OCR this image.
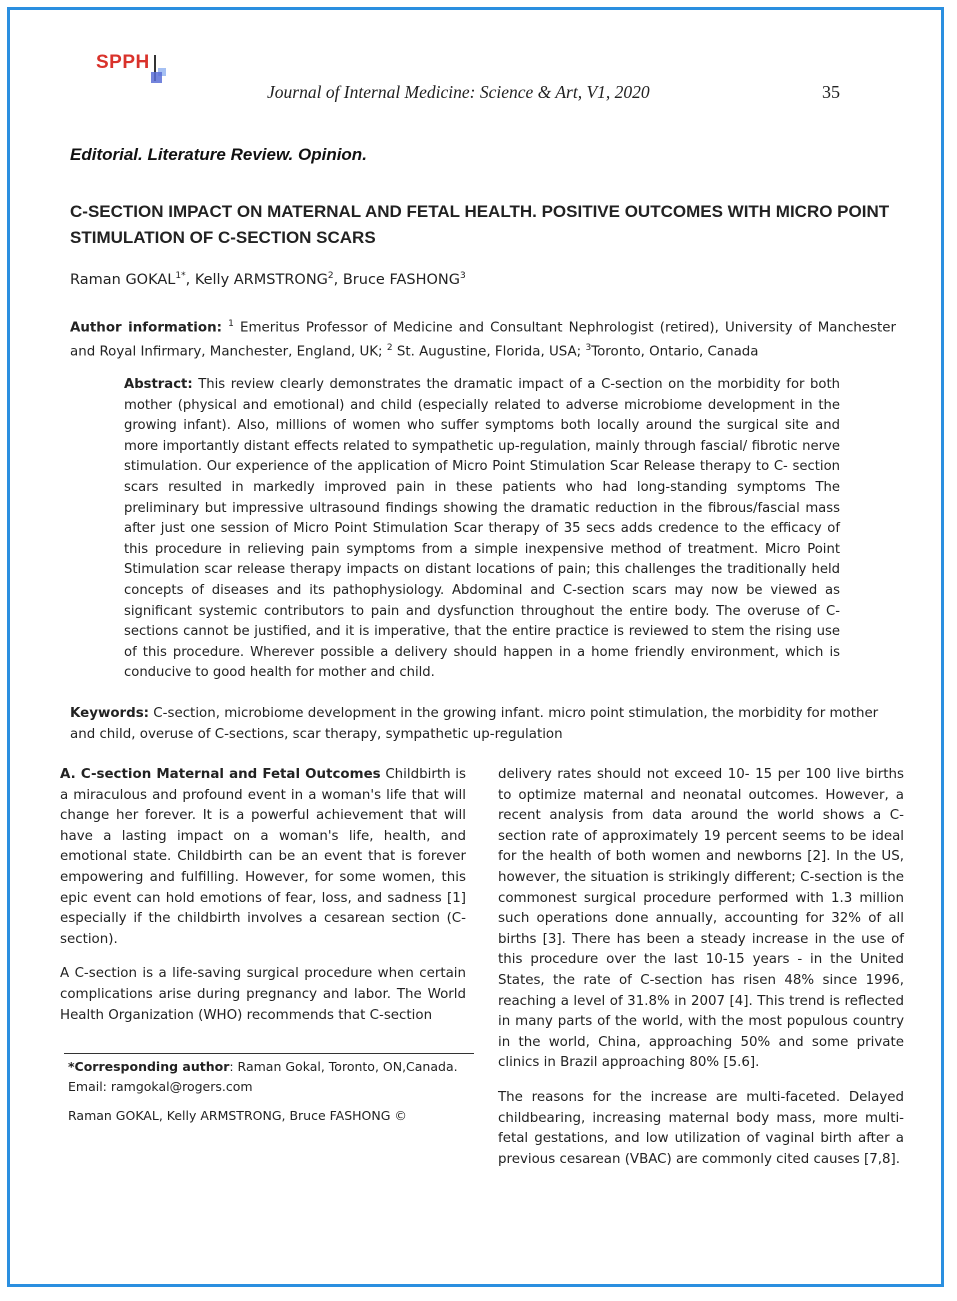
SPPH
Journal of Internal Medicine: Science & Art, V1, 2020	35
Editorial. Literature Review. Opinion.
C-SECTION IMPACT ON MATERNAL AND FETAL HEALTH. POSITIVE OUTCOMES WITH MICRO POINT STIMULATION OF C-SECTION SCARS
Raman $GOKAL^{1*}$, Kelly ARMSTRONG$^2$, Bruce FASHONG$^3$
Author information: $^1$ Emeritus Professor of Medicine and Consultant Nephrologist (retired), University of Manchester and Royal Infirmary, Manchester, England, UK; $^2$ St. Augustine, Florida, USA; $^3$Toronto, Ontario, Canada
Abstract: This review clearly demonstrates the dramatic impact of a C-section on the morbidity for both mother (physical and emotional) and child (especially related to adverse microbiome development in the growing infant). Also, millions of women who suffer symptoms both locally around the surgical site and more importantly distant effects related to sympathetic up-regulation, mainly through fascial/ fibrotic nerve stimulation. Our experience of the application of Micro Point Stimulation Scar Release therapy to C- section scars resulted in markedly improved pain in these patients who had long-standing symptoms The preliminary but impressive ultrasound findings showing the dramatic reduction in the fibrous/fascial mass after just one session of Micro Point Stimulation Scar therapy of 35 secs adds credence to the efficacy of this procedure in relieving pain symptoms from a simple inexpensive method of treatment. Micro Point Stimulation scar release therapy impacts on distant locations of pain; this challenges the traditionally held concepts of diseases and its pathophysiology. Abdominal and C-section scars may now be viewed as significant systemic contributors to pain and dysfunction throughout the entire body. The overuse of C-sections cannot be justified, and it is imperative, that the entire practice is reviewed to stem the rising use of this procedure. Wherever possible a delivery should happen in a home friendly environment, which is conducive to good health for mother and child.
Keywords: C-section, microbiome development in the growing infant. micro point stimulation, the morbidity for mother and child, overuse of C-sections, scar therapy, sympathetic up-regulation

A. C-section Maternal and Fetal Outcomes Childbirth is a miraculous and profound event in a woman's life that will change her forever. It is a powerful achievement that will have a lasting impact on a woman's life, health, and emotional state. Childbirth can be an event that is forever empowering and fulfilling. However, for some women, this epic event can hold emotions of fear, loss, and sadness [1] especially if the childbirth involves a cesarean section (C-section).

A C-section is a life-saving surgical procedure when certain complications arise during pregnancy and labor. The World Health Organization (WHO) recommends that C-section

delivery rates should not exceed 10- 15 per 100 live births to optimize maternal and neonatal outcomes. However, a recent analysis from data around the world shows a C-section rate of approximately 19 percent seems to be ideal for the health of both women and newborns [2]. In the US, however, the situation is strikingly different; C-section is the commonest surgical procedure performed with 1.3 million such operations done annually, accounting for 32% of all births [3]. There has been a steady increase in the use of this procedure over the last 10-15 years - in the United States, the rate of C-section has risen 48% since 1996, reaching a level of 31.8% in 2007 [4]. This trend is reflected in many parts of the world, with the most populous country in the world, China, approaching 50% and some private clinics in Brazil approaching 80% [5.6].

The reasons for the increase are multi-faceted. Delayed childbearing, increasing maternal body mass, more multi-fetal gestations, and low utilization of vaginal birth after a previous cesarean (VBAC) are commonly cited causes [7,8].

*Corresponding author: Raman Gokal, Toronto, ON,Canada.
Email: ramgokal@rogers.com
Raman GOKAL, Kelly ARMSTRONG, Bruce FASHONG ©
